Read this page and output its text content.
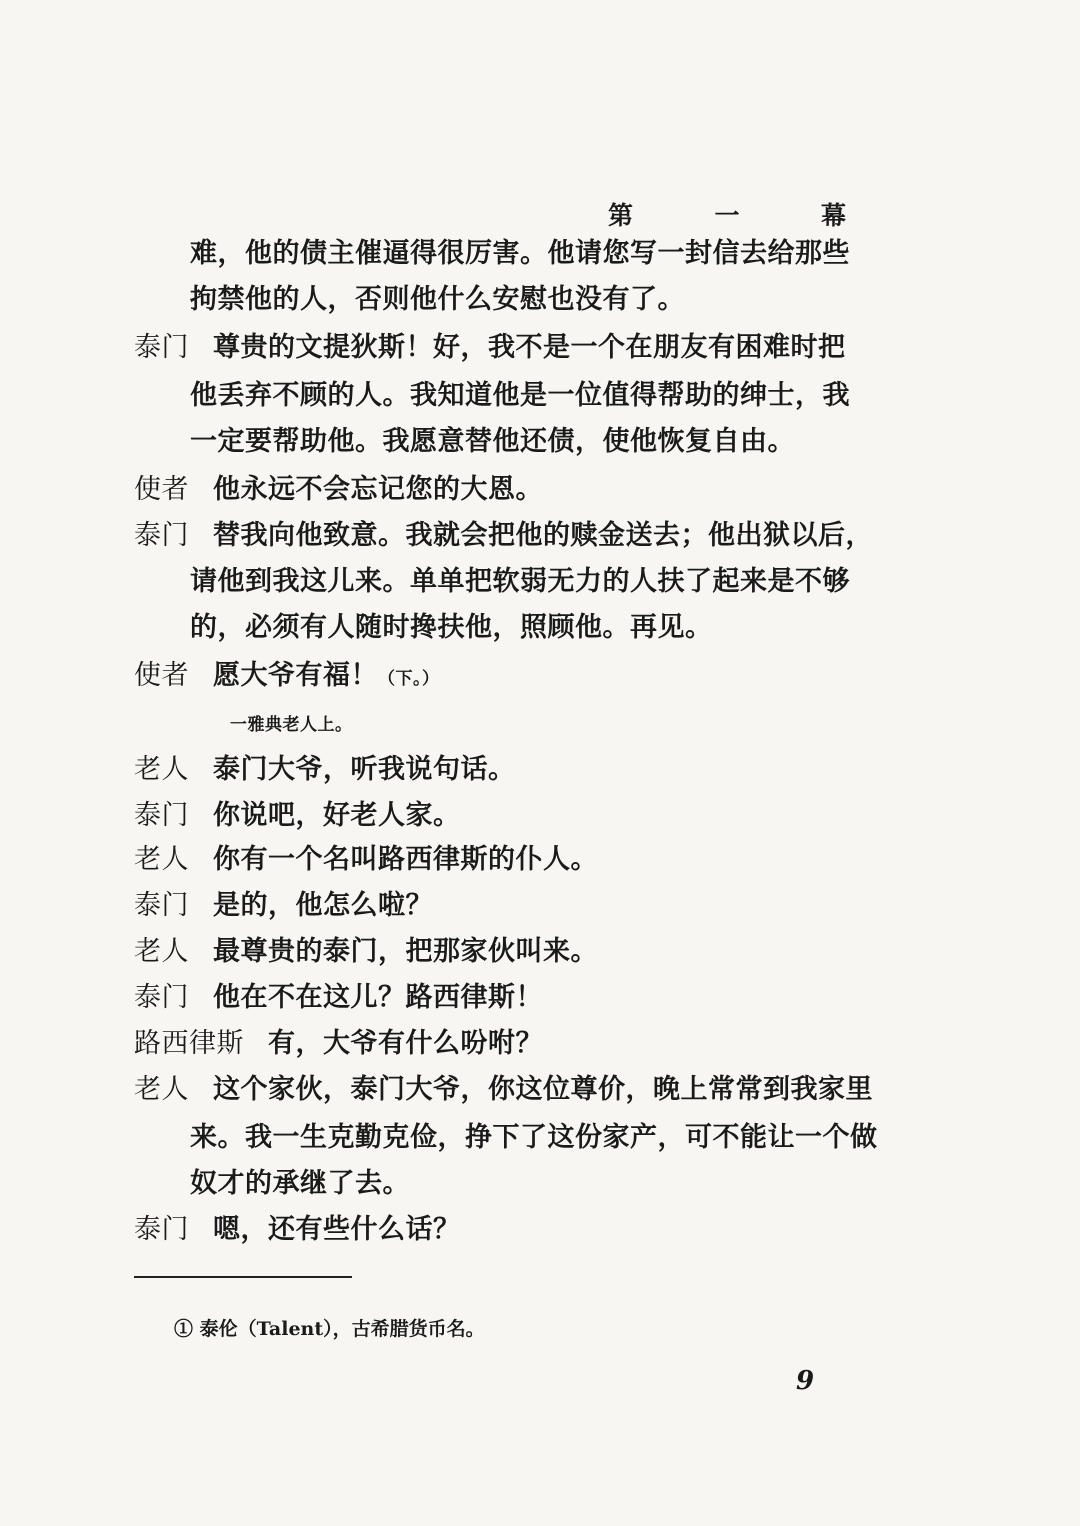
第	一	幕
难，他的债主催逼得很厉害。他请您写一封信去给那些
拘禁他的人，否则他什么安慰也没有了。
泰门 尊贵的文提狄斯！好，我不是一个在朋友有困难时把
他丢弃不顾的人。我知道他是一位值得帮助的绅士，我
一定要帮助他。我愿意替他还债，使他恢复自由。
使者 他永远不会忘记您的大恩。
泰门 替我向他致意。我就会把他的赎金送去；他出狱以后，
请他到我这儿来。单单把软弱无力的人扶了起来是不够
的，必须有人随时搀扶他，照顾他。再见。
使者 愿大爷有福！（下。）
一雅典老人上。
老人 泰门大爷，听我说句话。
泰门 你说吧，好老人家。
老人 你有一个名叫路西律斯的仆人。
泰门 是的，他怎么啦？
老人 最尊贵的泰门，把那家伙叫来。
泰门 他在不在这儿？路西律斯！
路西律斯 有，大爷有什么吩咐？
老人 这个家伙，泰门大爷，你这位尊价，晚上常常到我家里
来。我一生克勤克俭，挣下了这份家产，可不能让一个做
奴才的承继了去。
泰门 嗯，还有些什么话？
① 泰伦（Talent），古希腊货币名。
9
